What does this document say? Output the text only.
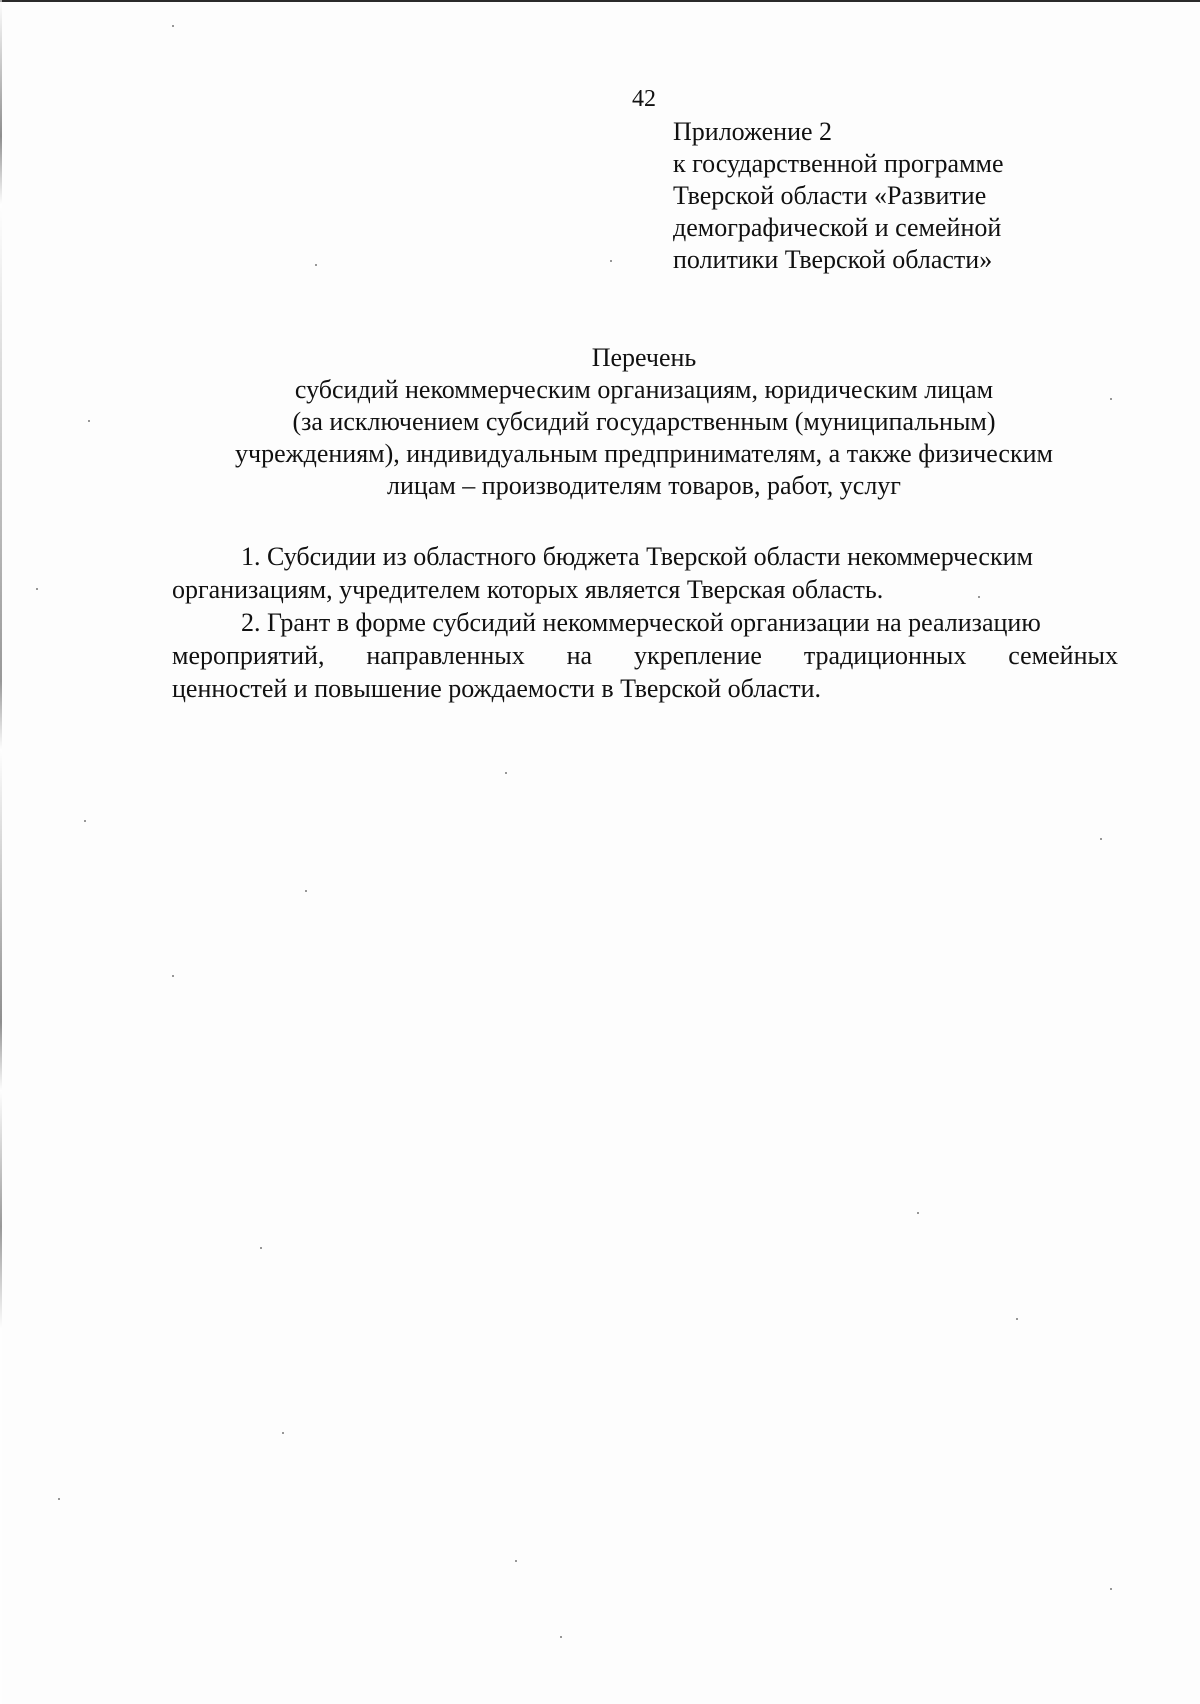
42
Приложение 2
к государственной программе
Тверской области «Развитие
демографической и семейной
политики Тверской области»
Перечень
субсидий некоммерческим организациям, юридическим лицам
(за исключением субсидий государственным (муниципальным)
учреждениям), индивидуальным предпринимателям, а также физическим
лицам – производителям товаров, работ, услуг
1. Субсидии из областного бюджета Тверской области некоммерческим
организациям, учредителем которых является Тверская область.
2. Грант в форме субсидий некоммерческой организации на реализацию
мероприятий, направленных на укрепление традиционных семейных
ценностей и повышение рождаемости в Тверской области.
